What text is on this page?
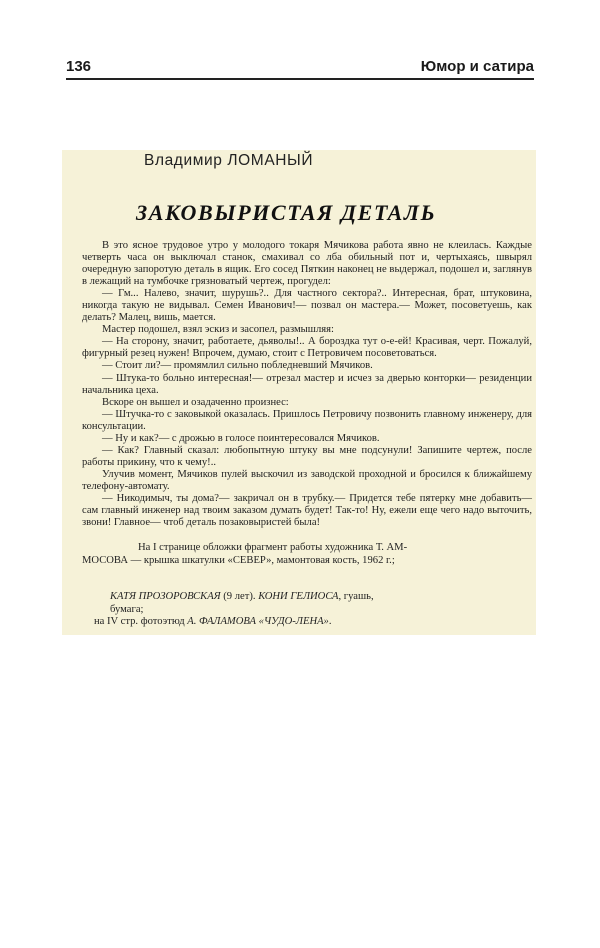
136	Юмор и сатира
Владимир ЛОМАНЫЙ
ЗАКОВЫРИСТАЯ ДЕТАЛЬ

В это ясное трудовое утро у молодого токаря Мячикова работа явно не клеилась. Каждые четверть часа он выключал станок, смахивал со лба обильный пот и, чертыхаясь, швырял очередную запоротую деталь в ящик. Его сосед Пяткин наконец не выдержал, подошел и, заглянув в лежащий на тумбочке грязноватый чертеж, прогудел:

— Гм... Налево, значит, шурушь?.. Для частного сектора?.. Интересная, брат, штуковина, никогда такую не видывал. Семен Иванович!— позвал он мастера.— Может, посоветуешь, как делать? Малец, вишь, мается.

Мастер подошел, взял эскиз и засопел, размышляя:

— На сторону, значит, работаете, дьяволы!.. А бороздка тут о-е-ей! Красивая, черт. Пожалуй, фигурный резец нужен! Впрочем, думаю, стоит с Петровичем посоветоваться.

— Стоит ли?— промямлил сильно побледневший Мячиков.

— Штука-то больно интересная!— отрезал мастер и исчез за дверью конторки— резиденции начальника цеха.

Вскоре он вышел и озадаченно произнес:

— Штучка-то с заковыкой оказалась. Пришлось Петровичу позвонить главному инженеру, для консультации.

— Ну и как?— с дрожью в голосе поинтересовался Мячиков.

— Как? Главный сказал: любопытную штуку вы мне подсунули! Запишите чертеж, после работы прикину, что к чему!..

Улучив момент, Мячиков пулей выскочил из заводской проходной и бросился к ближайшему телефону-автомату.

— Никодимыч, ты дома?— закричал он в трубку.— Придется тебе пятерку мне добавить— сам главный инженер над твоим заказом думать будет! Так-то! Ну, ежели еще чего надо выточить, звони! Главное— чтоб деталь позаковыристей была!

На I странице обложки фрагмент работы художника Т. АМ-

МОСОВА — крышка шкатулки «СЕВЕР», мамонтовая кость, 1962 г.;

КАТЯ ПРОЗОРОВСКАЯ (9 лет). КОНИ ГЕЛИОСА, гуашь,

бумага;

на IV стр. фотоэтюд А. ФАЛАМОВА «ЧУДО-ЛЕНА».
